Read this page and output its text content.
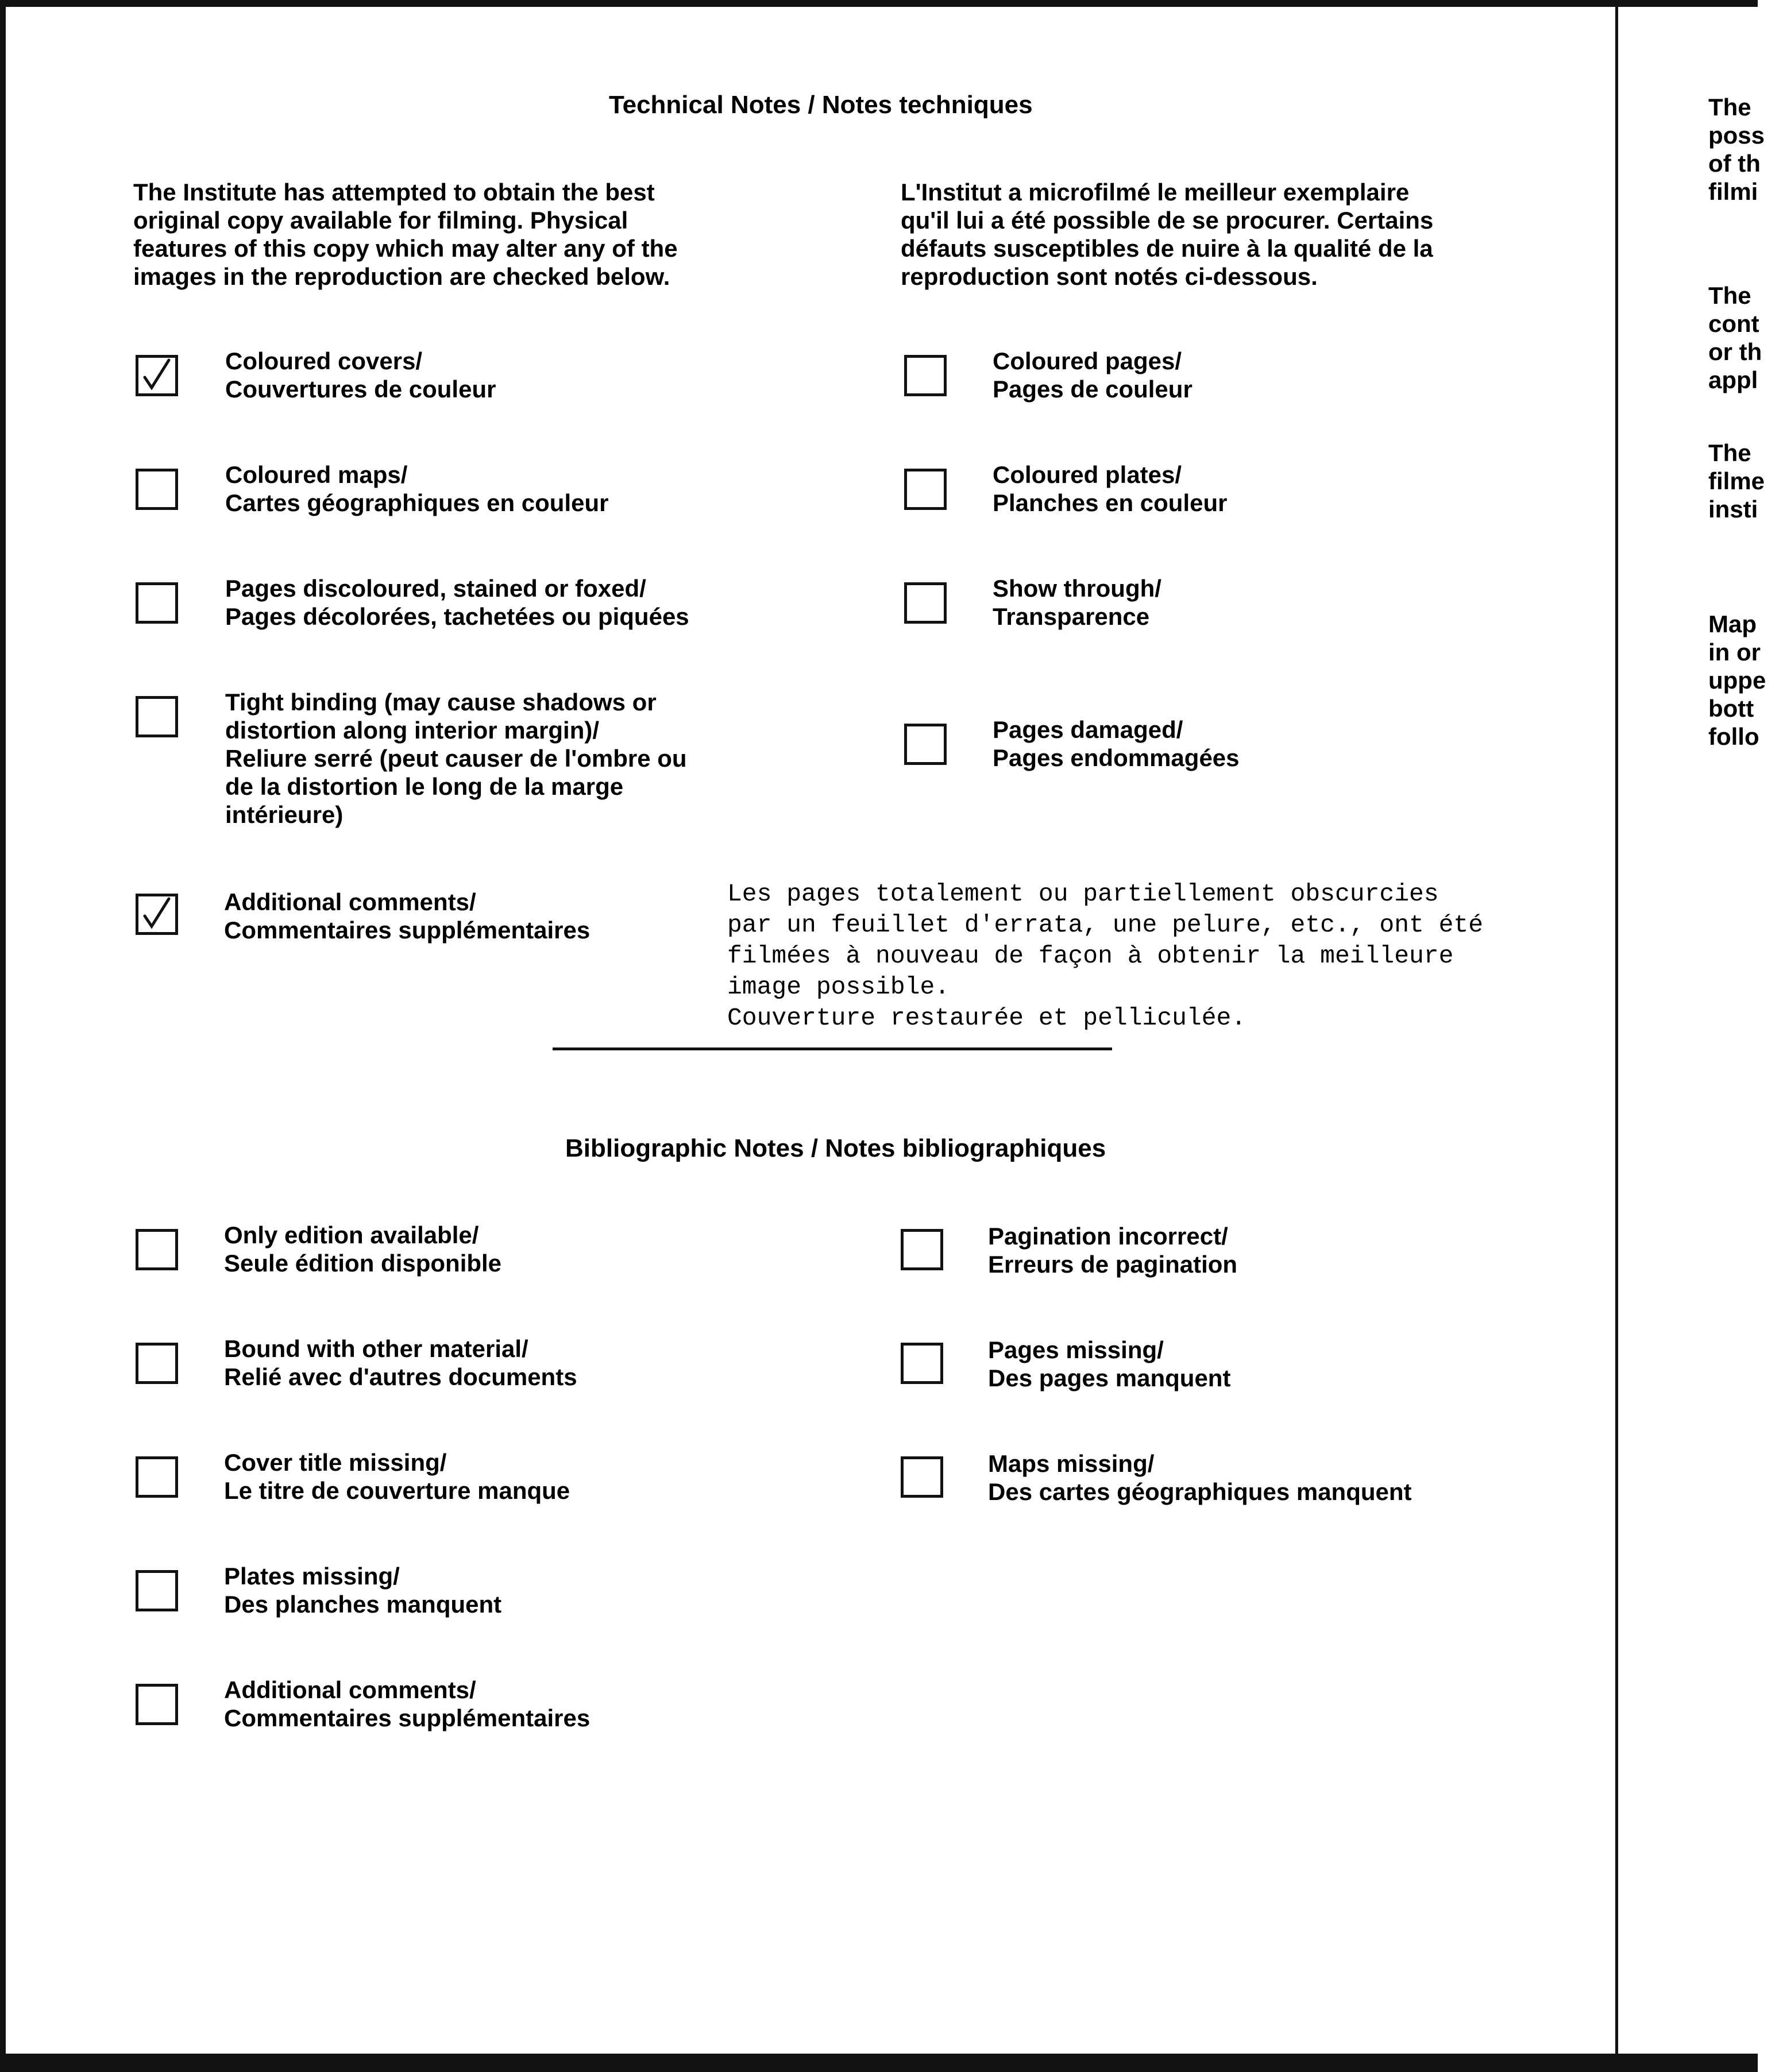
Technical Notes / Notes techniques
The Institute has attempted to obtain the best
original copy available for filming. Physical
features of this copy which may alter any of the
images in the reproduction are checked below.
L'Institut a microfilmé le meilleur exemplaire
qu'il lui a été possible de se procurer. Certains
défauts susceptibles de nuire à la qualité de la
reproduction sont notés ci-dessous.
Coloured covers/
Couvertures de couleur
Coloured pages/
Pages de couleur
Coloured maps/
Cartes géographiques en couleur
Coloured plates/
Planches en couleur
Pages discoloured, stained or foxed/
Pages décolorées, tachetées ou piquées
Show through/
Transparence
Tight binding (may cause shadows or
distortion along interior margin)/
Reliure serré (peut causer de l'ombre ou
de la distortion le long de la marge
intérieure)
Pages damaged/
Pages endommagées
Additional comments/
Commentaires supplémentaires
Les pages totalement ou partiellement obscurcies
par un feuillet d'errata, une pelure, etc., ont été
filmées à nouveau de façon à obtenir la meilleure
image possible.
Couverture restaurée et pelliculée.
Bibliographic Notes / Notes bibliographiques
Only edition available/
Seule édition disponible
Pagination incorrect/
Erreurs de pagination
Bound with other material/
Relié avec d'autres documents
Pages missing/
Des pages manquent
Cover title missing/
Le titre de couverture manque
Maps missing/
Des cartes géographiques manquent
Plates missing/
Des planches manquent
Additional comments/
Commentaires supplémentaires
The
poss
of th
filmi
The
cont
or th
appl
The
filme
insti
Map
in or
uppe
bott
follo
